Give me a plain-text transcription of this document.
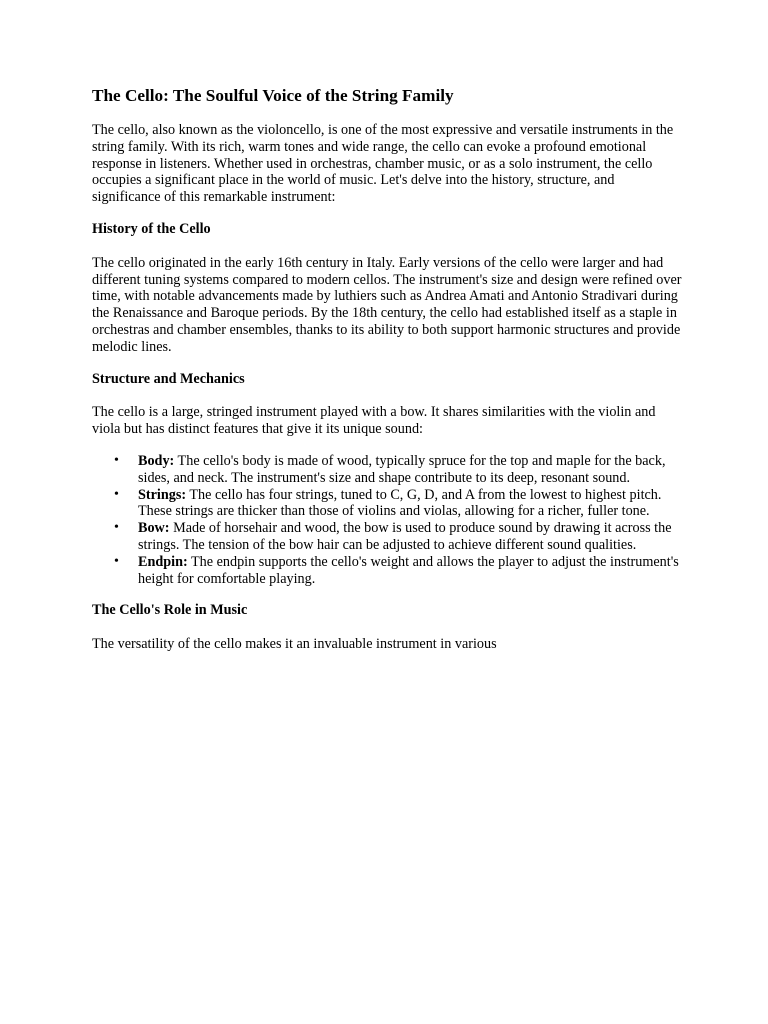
The Cello: The Soulful Voice of the String Family

The cello, also known as the violoncello, is one of the most expressive and versatile instruments in the string family. With its rich, warm tones and wide range, the cello can evoke a profound emotional response in listeners. Whether used in orchestras, chamber music, or as a solo instrument, the cello occupies a significant place in the world of music. Let's delve into the history, structure, and significance of this remarkable instrument:

History of the Cello

The cello originated in the early 16th century in Italy. Early versions of the cello were larger and had different tuning systems compared to modern cellos. The instrument's size and design were refined over time, with notable advancements made by luthiers such as Andrea Amati and Antonio Stradivari during the Renaissance and Baroque periods. By the 18th century, the cello had established itself as a staple in orchestras and chamber ensembles, thanks to its ability to both support harmonic structures and provide melodic lines.

Structure and Mechanics

The cello is a large, stringed instrument played with a bow. It shares similarities with the violin and viola but has distinct features that give it its unique sound:

• Body: The cello's body is made of wood, typically spruce for the top and maple for the back, sides, and neck. The instrument's size and shape contribute to its deep, resonant sound.
• Strings: The cello has four strings, tuned to C, G, D, and A from the lowest to highest pitch. These strings are thicker than those of violins and violas, allowing for a richer, fuller tone.
• Bow: Made of horsehair and wood, the bow is used to produce sound by drawing it across the strings. The tension of the bow hair can be adjusted to achieve different sound qualities.
• Endpin: The endpin supports the cello's weight and allows the player to adjust the instrument's height for comfortable playing.
The Cello's Role in Music

The versatility of the cello makes it an invaluable instrument in various
